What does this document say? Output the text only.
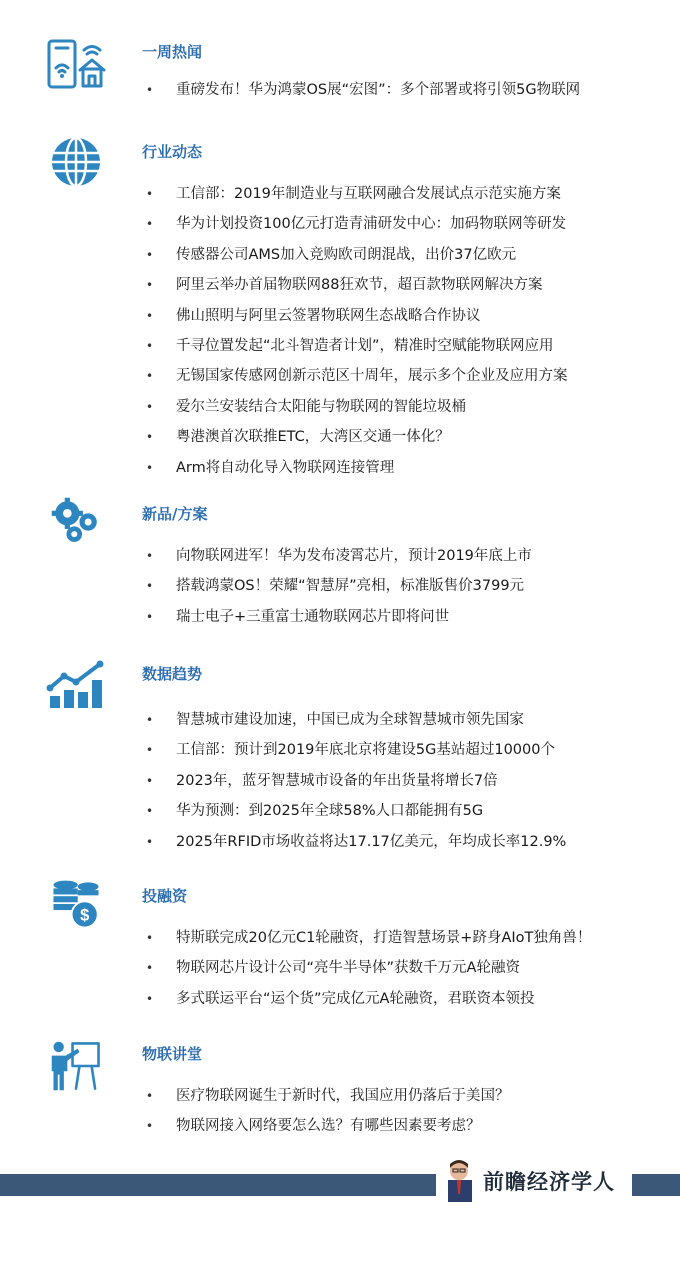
一周热闻
• 重磅发布！华为鸿蒙OS展“宏图”：多个部署或将引领5G物联网
行业动态
• 工信部：2019年制造业与互联网融合发展试点示范实施方案
• 华为计划投资100亿元打造青浦研发中心：加码物联网等研发
• 传感器公司AMS加入竞购欧司朗混战，出价37亿欧元
• 阿里云举办首届物联网88狂欢节，超百款物联网解决方案
• 佛山照明与阿里云签署物联网生态战略合作协议
• 千寻位置发起“北斗智造者计划”，精准时空赋能物联网应用
• 无锡国家传感网创新示范区十周年，展示多个企业及应用方案
• 爱尔兰安装结合太阳能与物联网的智能垃圾桶
• 粤港澳首次联推ETC，大湾区交通一体化？
• Arm将自动化导入物联网连接管理
新品/方案
• 向物联网进军！华为发布凌霄芯片，预计2019年底上市
• 搭载鸿蒙OS！荣耀“智慧屏”亮相，标准版售价3799元
• 瑞士电子+三重富士通物联网芯片即将问世
数据趋势
• 智慧城市建设加速，中国已成为全球智慧城市领先国家
• 工信部：预计到2019年底北京将建设5G基站超过10000个
• 2023年，蓝牙智慧城市设备的年出货量将增长7倍
• 华为预测：到2025年全球58%人口都能拥有5G
• 2025年RFID市场收益将达17.17亿美元，年均成长率12.9%
投融资
• 特斯联完成20亿元C1轮融资，打造智慧场景+跻身AIoT独角兽！
• 物联网芯片设计公司“亮牛半导体”获数千万元A轮融资
• 多式联运平台“运个货”完成亿元A轮融资，君联资本领投
物联讲堂
• 医疗物联网诞生于新时代，我国应用仍落后于美国？
• 物联网接入网络要怎么选？有哪些因素要考虑？
$
前瞻经济学人
